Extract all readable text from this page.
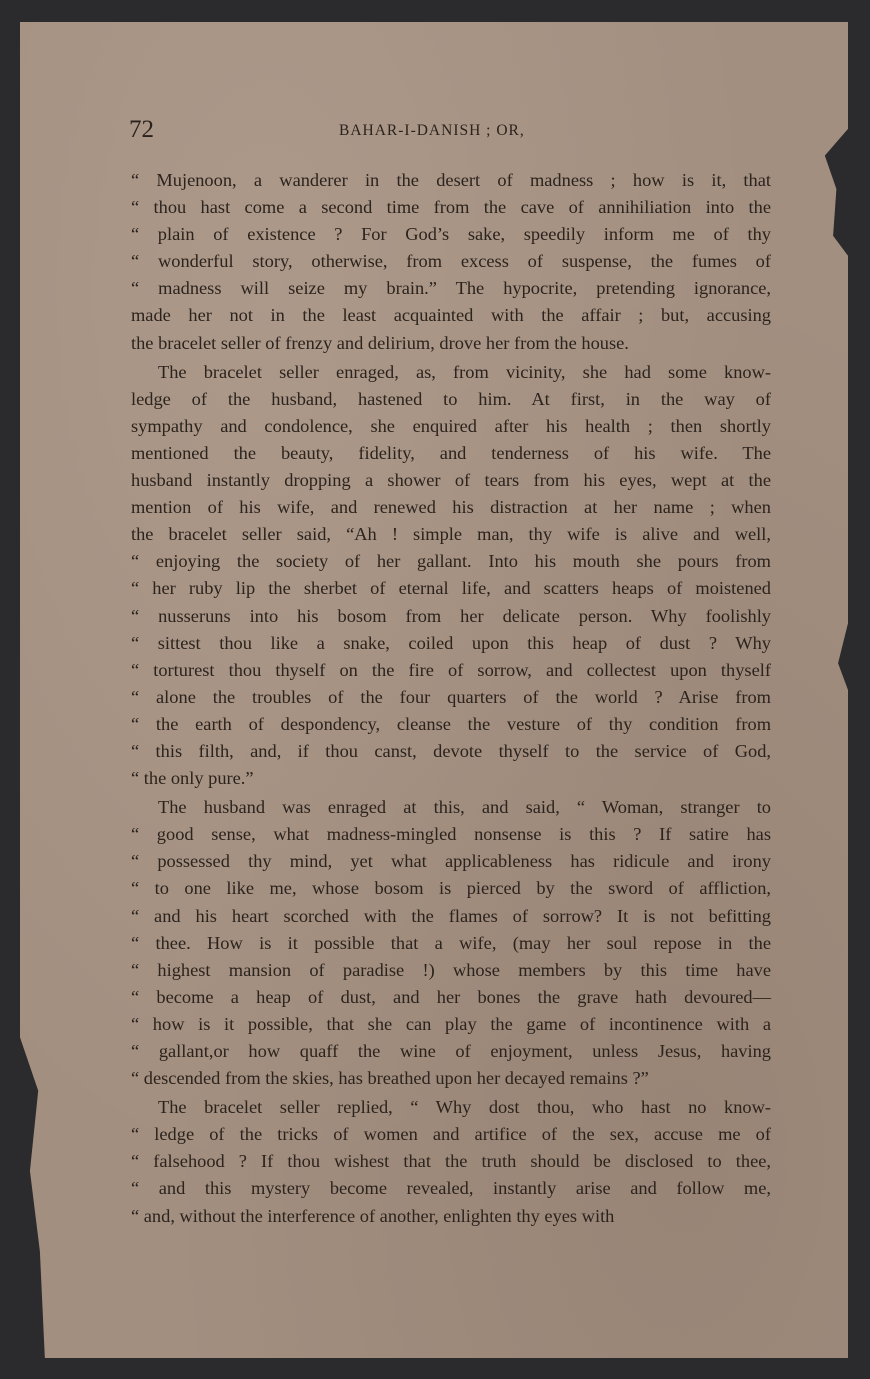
72	BAHAR-I-DANISH ; OR,
“ Mujenoon, a wanderer in the desert of madness ; how is it, that
“ thou hast come a second time from the cave of annihiliation into the
“ plain of existence ? For God’s sake, speedily inform me of thy
“ wonderful story, otherwise, from excess of suspense, the fumes of
“ madness will seize my brain.” The hypocrite, pretending ignorance,
made her not in the least acquainted with the affair ; but, accusing
the bracelet seller of frenzy and delirium, drove her from the house.
The bracelet seller enraged, as, from vicinity, she had some know-
ledge of the husband, hastened to him. At first, in the way of
sympathy and condolence, she enquired after his health ; then shortly
mentioned the beauty, fidelity, and tenderness of his wife. The
husband instantly dropping a shower of tears from his eyes, wept at the
mention of his wife, and renewed his distraction at her name ; when
the bracelet seller said, “Ah ! simple man, thy wife is alive and well,
“ enjoying the society of her gallant. Into his mouth she pours from
“ her ruby lip the sherbet of eternal life, and scatters heaps of moistened
“ nusseruns into his bosom from her delicate person. Why foolishly
“ sittest thou like a snake, coiled upon this heap of dust ? Why
“ torturest thou thyself on the fire of sorrow, and collectest upon thyself
“ alone the troubles of the four quarters of the world ? Arise from
“ the earth of despondency, cleanse the vesture of thy condition from
“ this filth, and, if thou canst, devote thyself to the service of God,
“ the only pure.”
The husband was enraged at this, and said, “ Woman, stranger to
“ good sense, what madness-mingled nonsense is this ? If satire has
“ possessed thy mind, yet what applicableness has ridicule and irony
“ to one like me, whose bosom is pierced by the sword of affliction,
“ and his heart scorched with the flames of sorrow? It is not befitting
“ thee. How is it possible that a wife, (may her soul repose in the
“ highest mansion of paradise !) whose members by this time have
“ become a heap of dust, and her bones the grave hath devoured—
“ how is it possible, that she can play the game of incontinence with a
“ gallant,or how quaff the wine of enjoyment, unless Jesus, having
“ descended from the skies, has breathed upon her decayed remains ?”
The bracelet seller replied, “ Why dost thou, who hast no know-
“ ledge of the tricks of women and artifice of the sex, accuse me of
“ falsehood ? If thou wishest that the truth should be disclosed to thee,
“ and this mystery become revealed, instantly arise and follow me,
“ and, without the interference of another, enlighten thy eyes with
